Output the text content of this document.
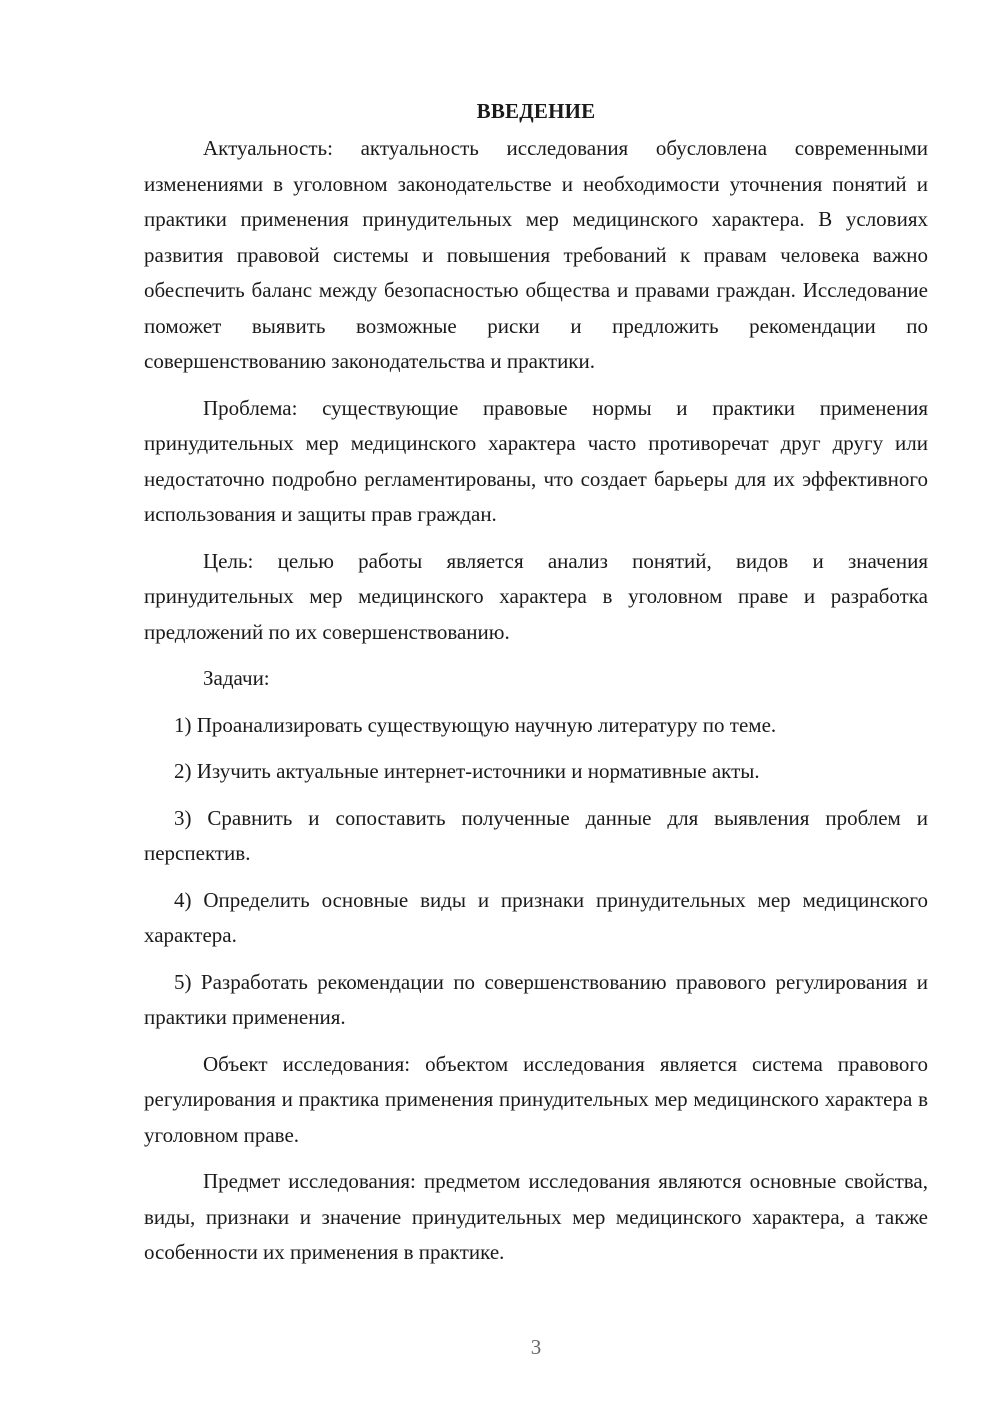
ВВЕДЕНИЕ

Актуальность: актуальность исследования обусловлена современными изменениями в уголовном законодательстве и необходимости уточнения понятий и практики применения принудительных мер медицинского характера. В условиях развития правовой системы и повышения требований к правам человека важно обеспечить баланс между безопасностью общества и правами граждан. Исследование поможет выявить возможные риски и предложить рекомендации по совершенствованию законодательства и практики.

Проблема: существующие правовые нормы и практики применения принудительных мер медицинского характера часто противоречат друг другу или недостаточно подробно регламентированы, что создает барьеры для их эффективного использования и защиты прав граждан.

Цель: целью работы является анализ понятий, видов и значения принудительных мер медицинского характера в уголовном праве и разработка предложений по их совершенствованию.

Задачи:

1) Проанализировать существующую научную литературу по теме.

2) Изучить актуальные интернет-источники и нормативные акты.

3) Сравнить и сопоставить полученные данные для выявления проблем и перспектив.

4) Определить основные виды и признаки принудительных мер медицинского характера.

5) Разработать рекомендации по совершенствованию правового регулирования и практики применения.

Объект исследования: объектом исследования является система правового регулирования и практика применения принудительных мер медицинского характера в уголовном праве.

Предмет исследования: предметом исследования являются основные свойства, виды, признаки и значение принудительных мер медицинского характера, а также особенности их применения в практике.

3
